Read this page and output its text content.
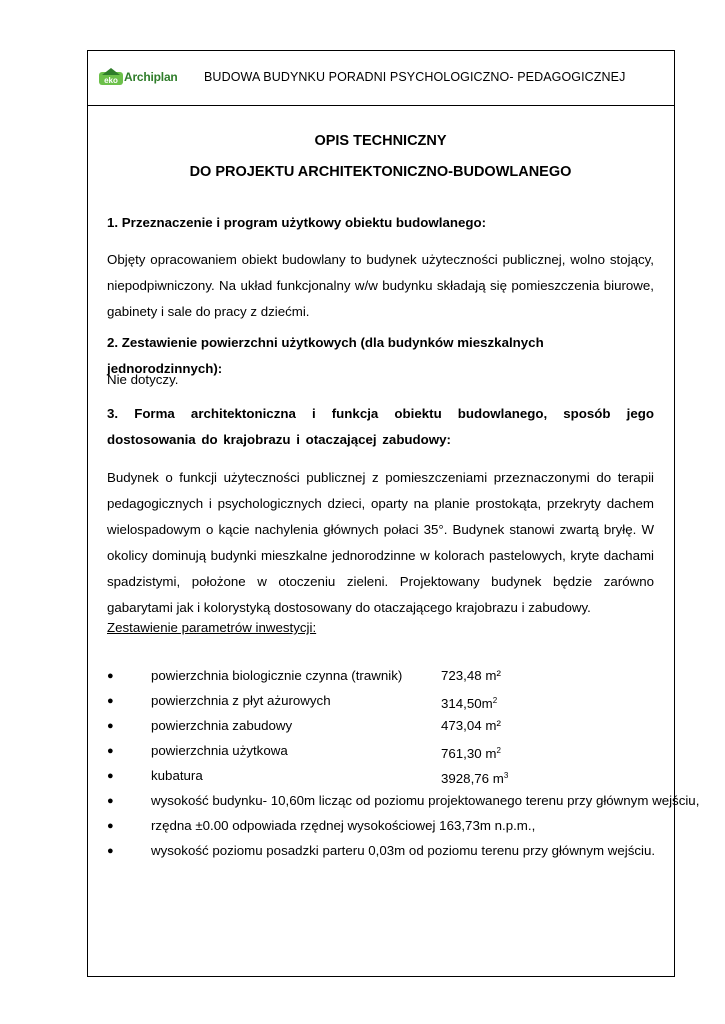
eko Archiplan BUDOWA BUDYNKU PORADNI PSYCHOLOGICZNO- PEDAGOGICZNEJ

OPIS TECHNICZNY

DO PROJEKTU ARCHITEKTONICZNO-BUDOWLANEGO

1. Przeznaczenie i program użytkowy obiektu budowlanego:

Objęty opracowaniem obiekt budowlany to budynek użyteczności publicznej, wolno stojący, niepodpiwniczony. Na układ funkcjonalny w/w budynku składają się pomieszczenia biurowe, gabinety i sale do pracy z dziećmi.

2. Zestawienie powierzchni użytkowych (dla budynków mieszkalnych jednorodzinnych):

Nie dotyczy.

3. Forma architektoniczna i funkcja obiektu budowlanego, sposób jego dostosowania do krajobrazu i otaczającej zabudowy:

Budynek o funkcji użyteczności publicznej z pomieszczeniami przeznaczonymi do terapii pedagogicznych i psychologicznych dzieci, oparty na planie prostokąta, przekryty dachem wielospadowym o kącie nachylenia głównych połaci 35°. Budynek stanowi zwartą bryłę. W okolicy dominują budynki mieszkalne jednorodzinne w kolorach pastelowych, kryte dachami spadzistymi, położone w otoczeniu zieleni. Projektowany budynek będzie zarówno gabarytami jak i kolorystyką dostosowany do otaczającego krajobrazu i zabudowy.

Zestawienie parametrów inwestycji:

●	powierzchnia biologicznie czynna (trawnik)	723,48 m²
●	powierzchnia z płyt ażurowych	$314,50m^2$
●	powierzchnia zabudowy	473,04 m²
●	powierzchnia użytkowa	761,30 $m^2$
●	kubatura	3928,76 $m^3$
●	wysokość budynku- 10,60m licząc od poziomu projektowanego terenu przy głównym wejściu,
●	rzędna ±0.00 odpowiada rzędnej wysokościowej 163,73m n.p.m.,
●	wysokość poziomu posadzki parteru 0,03m od poziomu terenu przy głównym wejściu.
